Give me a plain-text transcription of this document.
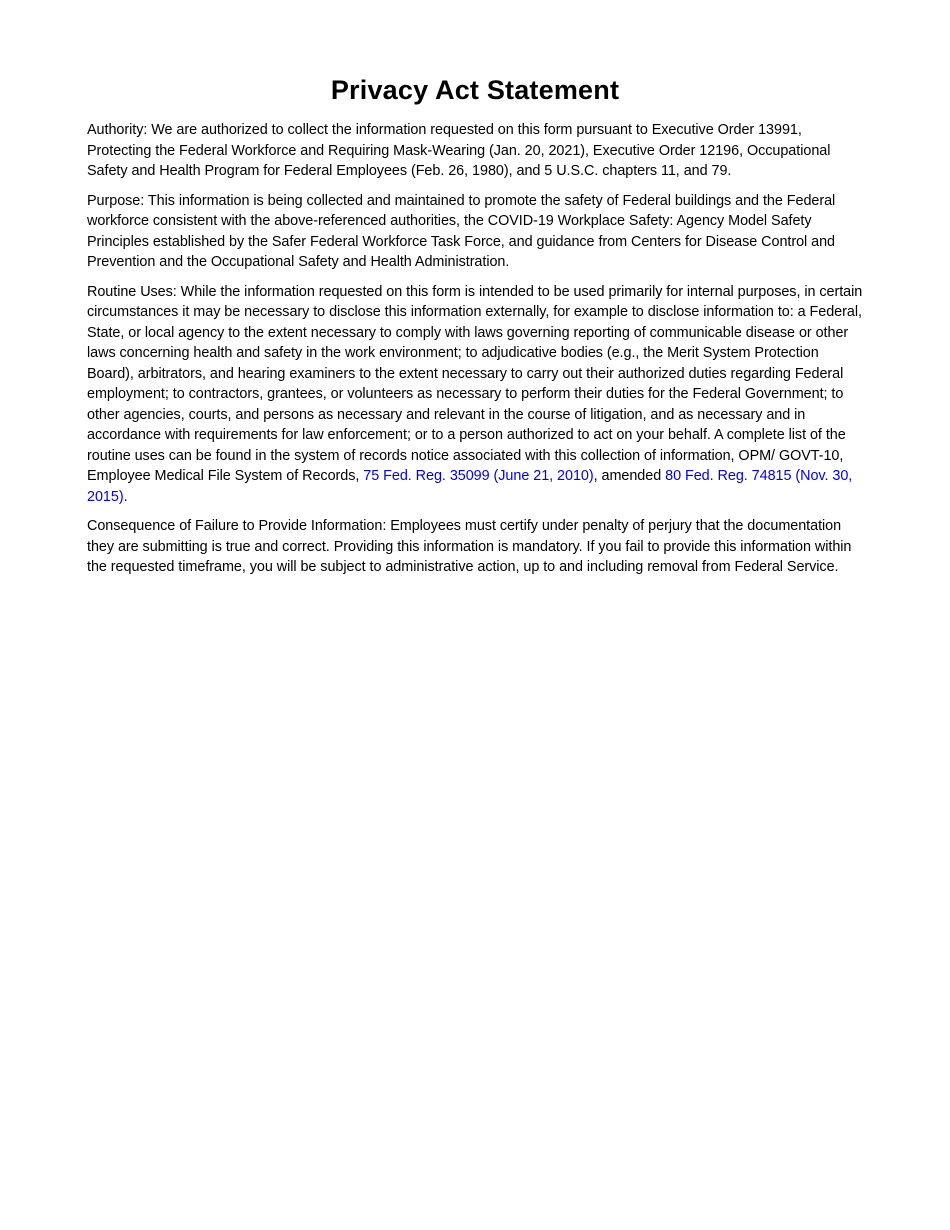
Privacy Act Statement

Authority: We are authorized to collect the information requested on this form pursuant to Executive Order 13991, Protecting the Federal Workforce and Requiring Mask-Wearing (Jan. 20, 2021), Executive Order 12196, Occupational Safety and Health Program for Federal Employees (Feb. 26, 1980), and 5 U.S.C. chapters 11, and 79.

Purpose: This information is being collected and maintained to promote the safety of Federal buildings and the Federal workforce consistent with the above-referenced authorities, the COVID-19 Workplace Safety: Agency Model Safety Principles established by the Safer Federal Workforce Task Force, and guidance from Centers for Disease Control and Prevention and the Occupational Safety and Health Administration.

Routine Uses: While the information requested on this form is intended to be used primarily for internal purposes, in certain circumstances it may be necessary to disclose this information externally, for example to disclose information to: a Federal, State, or local agency to the extent necessary to comply with laws governing reporting of communicable disease or other laws concerning health and safety in the work environment; to adjudicative bodies (e.g., the Merit System Protection Board), arbitrators, and hearing examiners to the extent necessary to carry out their authorized duties regarding Federal employment; to contractors, grantees, or volunteers as necessary to perform their duties for the Federal Government; to other agencies, courts, and persons as necessary and relevant in the course of litigation, and as necessary and in accordance with requirements for law enforcement; or to a person authorized to act on your behalf. A complete list of the routine uses can be found in the system of records notice associated with this collection of information, OPM/ GOVT-10, Employee Medical File System of Records, 75 Fed. Reg. 35099 (June 21, 2010), amended 80 Fed. Reg. 74815 (Nov. 30, 2015).

Consequence of Failure to Provide Information: Employees must certify under penalty of perjury that the documentation they are submitting is true and correct. Providing this information is mandatory. If you fail to provide this information within the requested timeframe, you will be subject to administrative action, up to and including removal from Federal Service.
